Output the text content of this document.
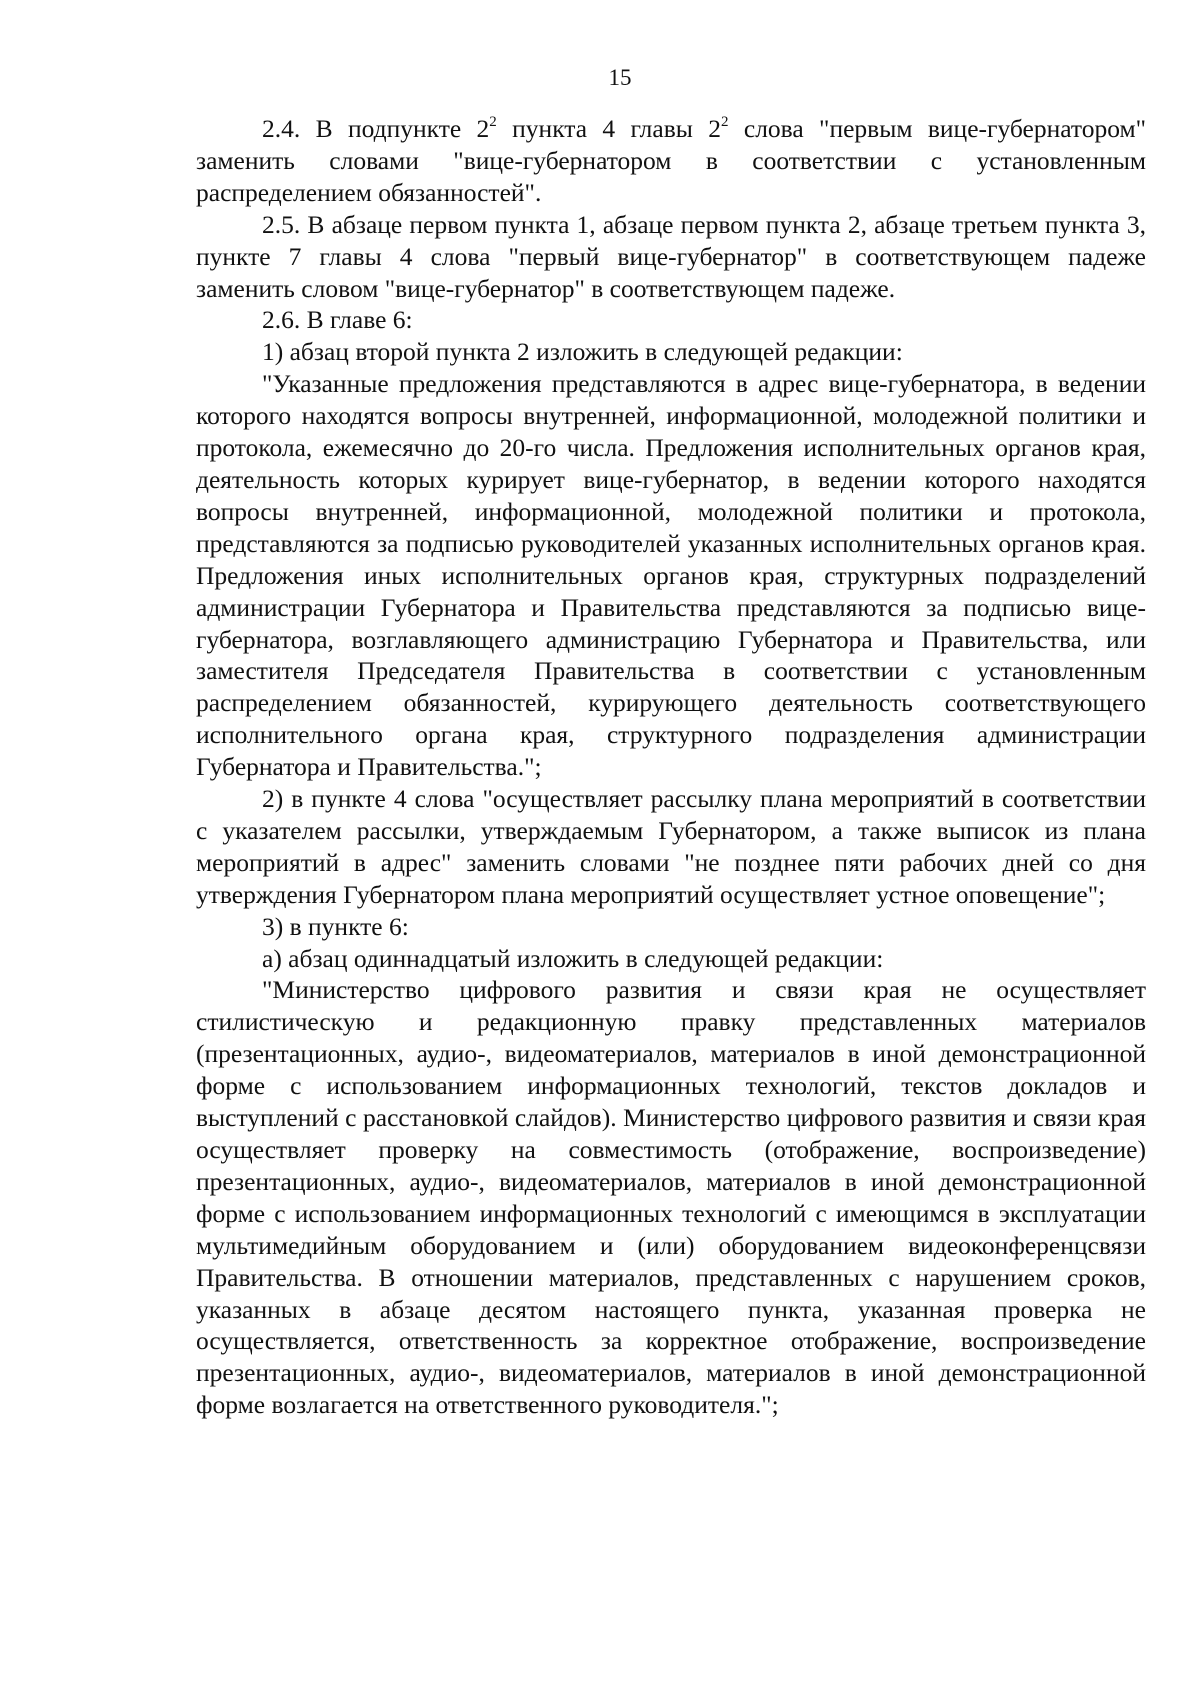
15

2.4. В подпункте $2^2$ пункта 4 главы $2^2$ слова "первым вице-губернатором" заменить словами "вице-губернатором в соответствии с установленным распределением обязанностей".

2.5. В абзаце первом пункта 1, абзаце первом пункта 2, абзаце третьем пункта 3, пункте 7 главы 4 слова "первый вице-губернатор" в соответствующем падеже заменить словом "вице-губернатор" в соответствующем падеже.

2.6. В главе 6:

1) абзац второй пункта 2 изложить в следующей редакции:

"Указанные предложения представляются в адрес вице-губернатора, в ведении которого находятся вопросы внутренней, информационной, молодежной политики и протокола, ежемесячно до 20-го числа. Предложения исполнительных органов края, деятельность которых курирует вице-губернатор, в ведении которого находятся вопросы внутренней, информационной, молодежной политики и протокола, представляются за подписью руководителей указанных исполнительных органов края. Предложения иных исполнительных органов края, структурных подразделений администрации Губернатора и Правительства представляются за подписью вице-губернатора, возглавляющего администрацию Губернатора и Правительства, или заместителя Председателя Правительства в соответствии с установленным распределением обязанностей, курирующего деятельность соответствующего исполнительного органа края, структурного подразделения администрации Губернатора и Правительства.";

2) в пункте 4 слова "осуществляет рассылку плана мероприятий в соответствии с указателем рассылки, утверждаемым Губернатором, а также выписок из плана мероприятий в адрес" заменить словами "не позднее пяти рабочих дней со дня утверждения Губернатором плана мероприятий осуществляет устное оповещение";

3) в пункте 6:

а) абзац одиннадцатый изложить в следующей редакции:

"Министерство цифрового развития и связи края не осуществляет стилистическую и редакционную правку представленных материалов (презентационных, аудио-, видеоматериалов, материалов в иной демонстрационной форме с использованием информационных технологий, текстов докладов и выступлений с расстановкой слайдов). Министерство цифрового развития и связи края осуществляет проверку на совместимость (отображение, воспроизведение) презентационных, аудио-, видеоматериалов, материалов в иной демонстрационной форме с использованием информационных технологий с имеющимся в эксплуатации мультимедийным оборудованием и (или) оборудованием видеоконференцсвязи Правительства. В отношении материалов, представленных с нарушением сроков, указанных в абзаце десятом настоящего пункта, указанная проверка не осуществляется, ответственность за корректное отображение, воспроизведение презентационных, аудио-, видеоматериалов, материалов в иной демонстрационной форме возлагается на ответственного руководителя.";
